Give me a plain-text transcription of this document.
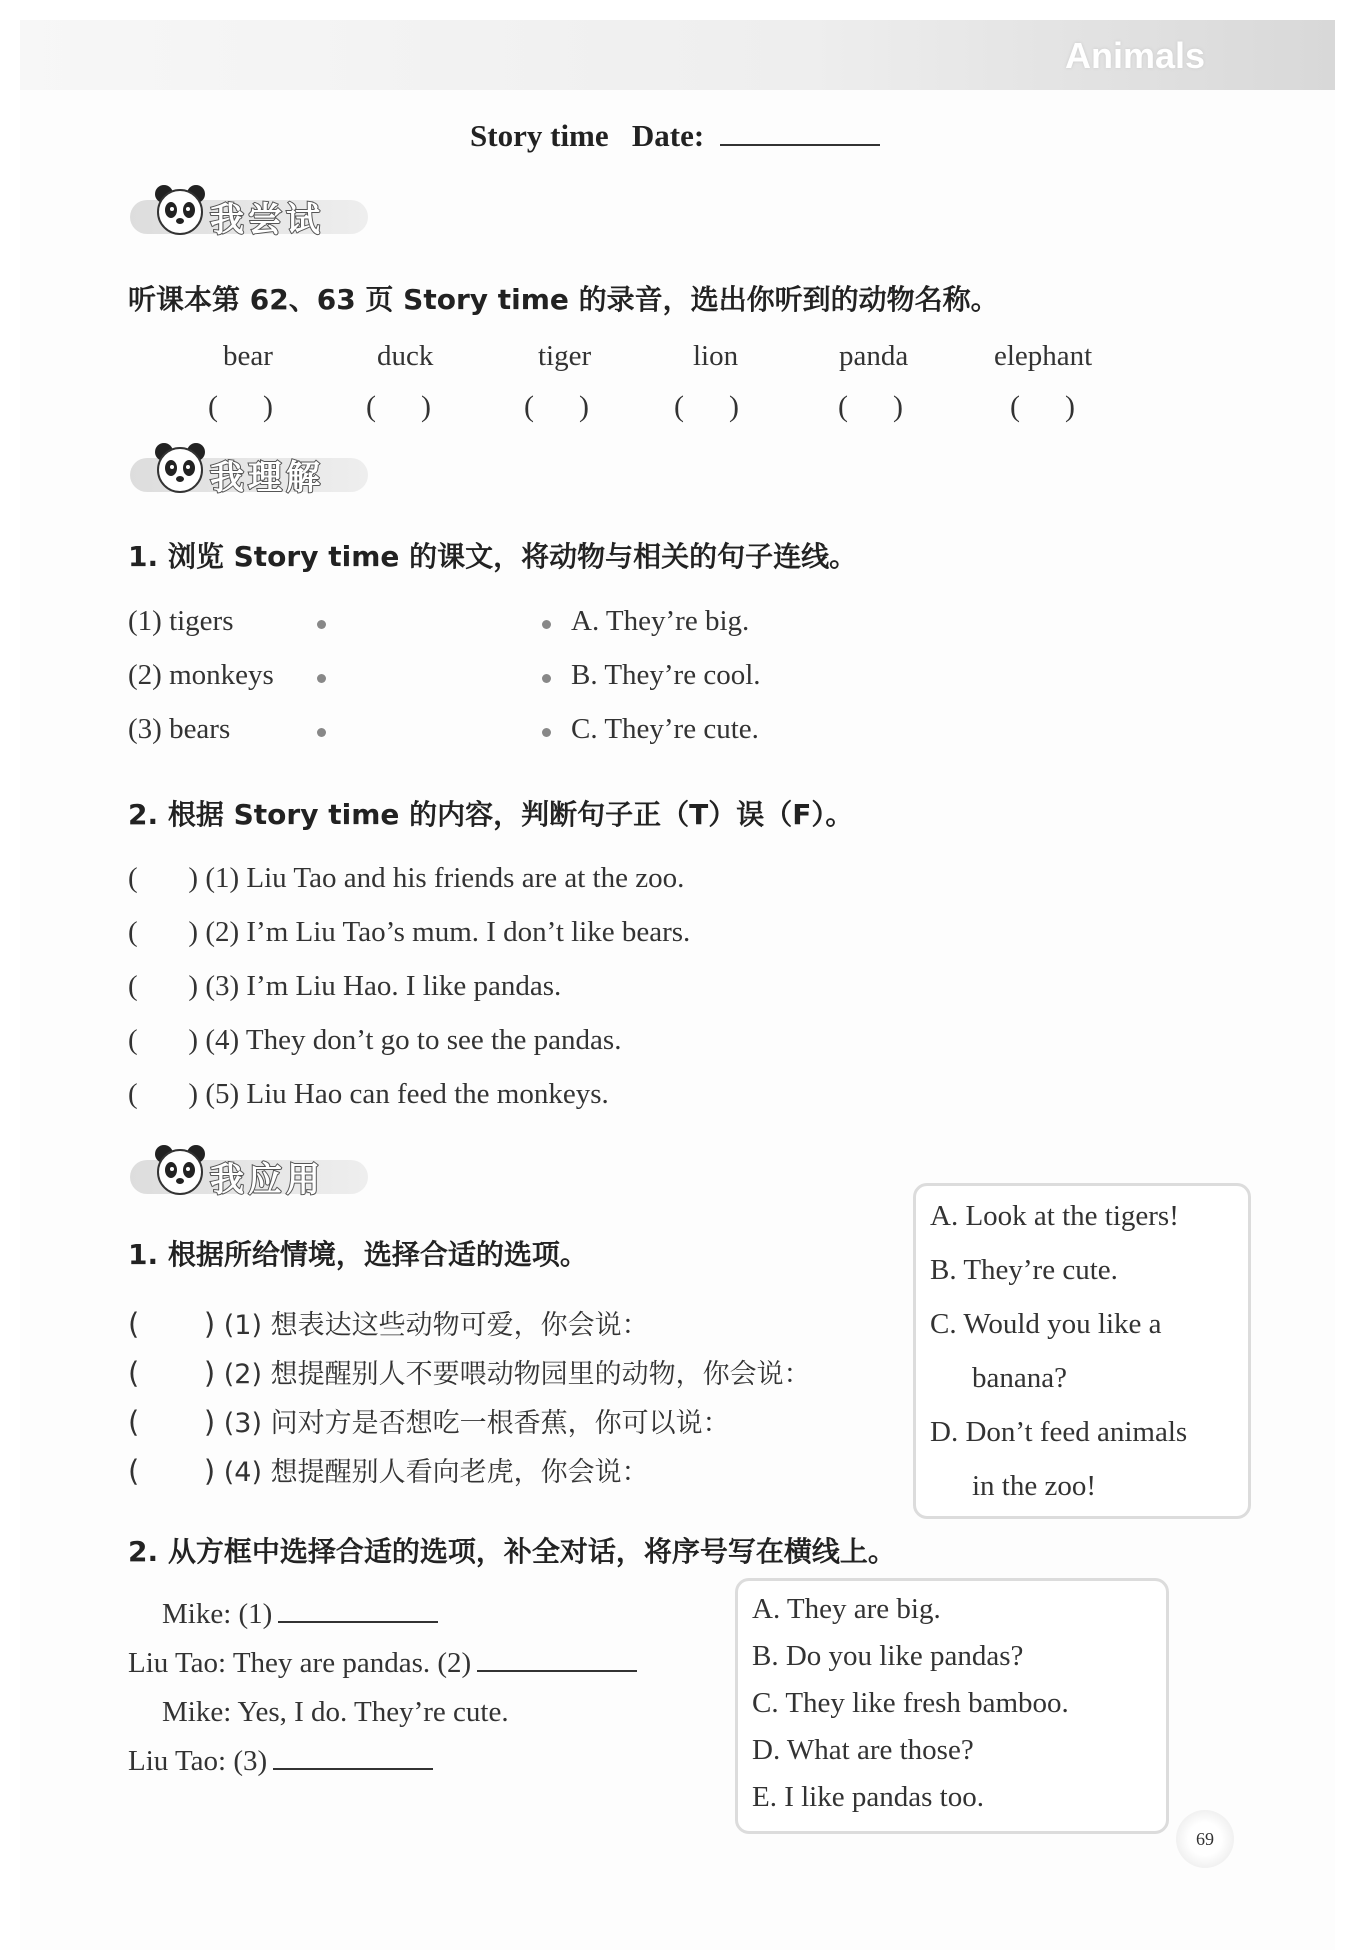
Animals
Story time Date:
我尝试
听课本第 62、63 页 Story time 的录音，选出你听到的动物名称。
bear	duck	tiger	lion	panda	elephant
(      )	(      )	(      )	(      )	(      )	(      )
我理解
1. 浏览 Story time 的课文，将动物与相关的句子连线。
(1) tigers
(2) monkeys
(3) bears
A. They’re big.
B. They’re cool.
C. They’re cute.
2. 根据 Story time 的内容，判断句子正（T）误（F）。
(       ) (1) Liu Tao and his friends are at the zoo.
(       ) (2) I’m Liu Tao’s mum. I don’t like bears.
(       ) (3) I’m Liu Hao. I like pandas.
(       ) (4) They don’t go to see the pandas.
(       ) (5) Liu Hao can feed the monkeys.
我应用
1. 根据所给情境，选择合适的选项。
(       ) (1) 想表达这些动物可爱，你会说：
(       ) (2) 想提醒别人不要喂动物园里的动物，你会说：
(       ) (3) 问对方是否想吃一根香蕉，你可以说：
(       ) (4) 想提醒别人看向老虎，你会说：
A. Look at the tigers!
B. They’re cute.
C. Would you like a
banana?
D. Don’t feed animals
in the zoo!
2. 从方框中选择合适的选项，补全对话，将序号写在横线上。
Mike: (1)
Liu Tao: They are pandas. (2)
Mike: Yes, I do. They’re cute.
Liu Tao: (3)
A. They are big.
B. Do you like pandas?
C. They like fresh bamboo.
D. What are those?
E. I like pandas too.
69
